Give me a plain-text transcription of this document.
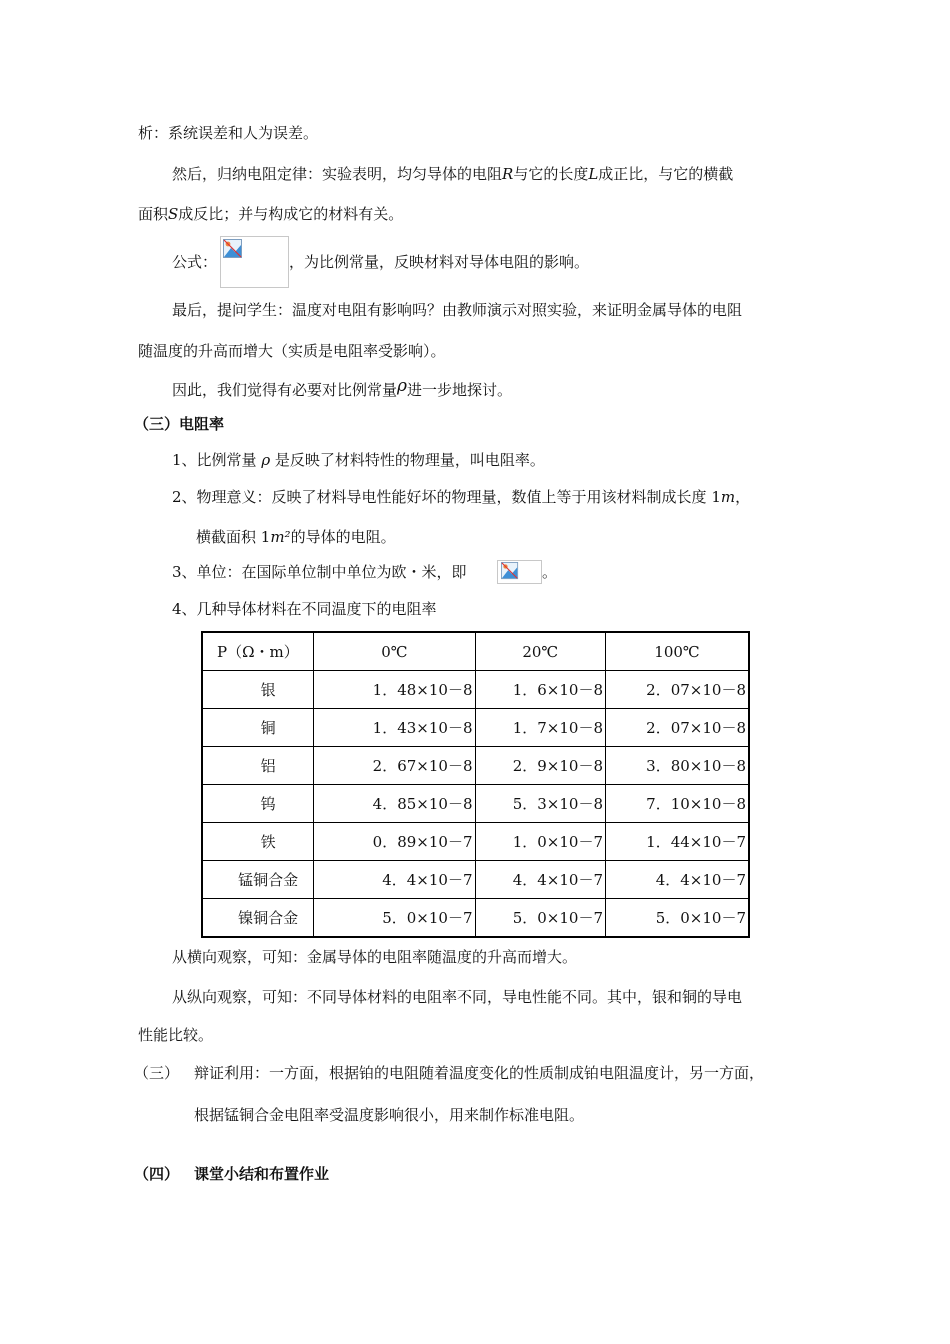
析：系统误差和人为误差。
然后，归纳电阻定律：实验表明，均匀导体的电阻R与它的长度L成正比，与它的横截
面积S成反比；并与构成它的材料有关。
公式：	，为比例常量，反映材料对导体电阻的影响。
最后，提问学生：温度对电阻有影响吗？由教师演示对照实验，来证明金属导体的电阻
随温度的升高而增大（实质是电阻率受影响）。
因此，我们觉得有必要对比例常量ρ进一步地探讨。
（三）电阻率
1、比例常量 ρ 是反映了材料特性的物理量，叫电阻率。
2、物理意义：反映了材料导电性能好坏的物理量，数值上等于用该材料制成长度 1m，
横截面积 1m²的导体的电阻。
3、单位：在国际单位制中单位为欧・米，即	。
4、几种导体材料在不同温度下的电阻率
P（Ω・m）	0℃	20℃	100℃
银	1．48×10－8	1．6×10－8	2．07×10－8
铜	1．43×10－8	1．7×10－8	2．07×10－8
铝	2．67×10－8	2．9×10－8	3．80×10－8
钨	4．85×10－8	5．3×10－8	7．10×10－8
铁	0．89×10－7	1．0×10－7	1．44×10－7
锰铜合金	4．4×10－7	4．4×10－7	4．4×10－7
镍铜合金	5．0×10－7	5．0×10－7	5．0×10－7
从横向观察，可知：金属导体的电阻率随温度的升高而增大。
从纵向观察，可知：不同导体材料的电阻率不同，导电性能不同。其中，银和铜的导电
性能比较。
（三） 辩证利用：一方面，根据铂的电阻随着温度变化的性质制成铂电阻温度计，另一方面，
根据锰铜合金电阻率受温度影响很小，用来制作标准电阻。
（四） 课堂小结和布置作业
